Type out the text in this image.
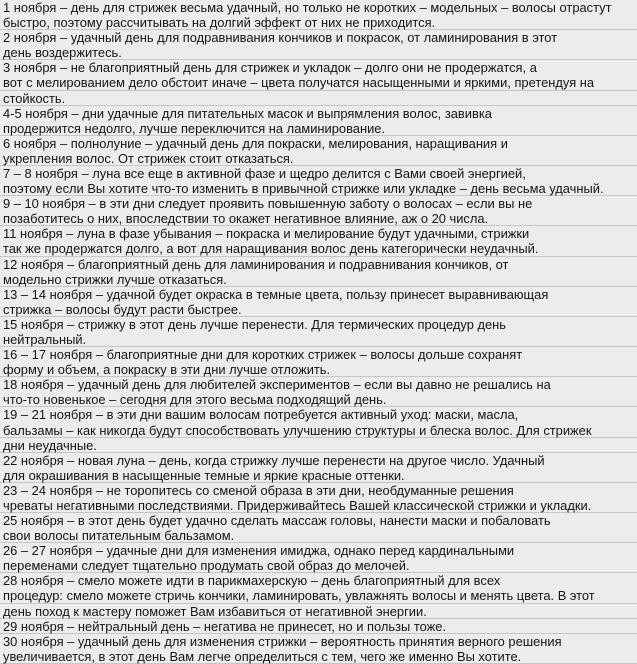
1 ноября – день для стрижек весьма удачный, но только не коротких – модельных – волосы отрастут
быстро, поэтому рассчитывать на долгий эффект от них не приходится.
2 ноября – удачный день для подравнивания кончиков и покрасок, от ламинирования в этот
день воздержитесь.
3 ноября – не благоприятный день для стрижек и укладок – долго они не продержатся, а
вот с мелированием дело обстоит иначе – цвета получатся насыщенными и яркими, претендуя на
стойкость.
4-5 ноября – дни удачные для питательных масок и выпрямления волос, завивка
продержится недолго, лучше переключится на ламинирование.
6 ноября – полнолуние – удачный день для покраски, мелирования, наращивания и
укрепления волос. От стрижек стоит отказаться.
7 – 8 ноября – луна все еще в активной фазе и щедро делится с Вами своей энергией,
поэтому если Вы хотите что-то изменить в привычной стрижке или укладке – день весьма удачный.
9 – 10 ноября – в эти дни следует проявить повышенную заботу о волосах – если вы не
позаботитесь о них, впоследствии то окажет негативное влияние, аж о 20 числа.
11 ноября – луна в фазе убывания – покраска и мелирование будут удачными, стрижки
так же продержатся долго, а вот для наращивания волос день категорически неудачный.
12 ноября – благоприятный день для ламинирования и подравнивания кончиков, от
модельно стрижки лучше отказаться.
13 – 14 ноября – удачной будет окраска в темные цвета, пользу принесет выравнивающая
стрижка – волосы будут расти быстрее.
15 ноября – стрижку в этот день лучше перенести. Для термических процедур день
нейтральный.
16 – 17 ноября – благоприятные дни для коротких стрижек – волосы дольше сохранят
форму и объем, а покраску в эти дни лучше отложить.
18 ноября – удачный день для любителей экспериментов – если вы давно не решались на
что-то новенькое – сегодня для этого весьма подходящий день.
19 – 21 ноября – в эти дни вашим волосам потребуется активный уход: маски, масла,
бальзамы – как никогда будут способствовать улучшению структуры и блеска волос. Для стрижек
дни неудачные.
22 ноября – новая луна – день, когда стрижку лучше перенести на другое число. Удачный
для окрашивания в насыщенные темные и яркие красные оттенки.
23 – 24 ноября – не торопитесь со сменой образа в эти дни, необдуманные решения
чреваты негативными последствиями. Придерживайтесь Вашей классической стрижки и укладки.
25 ноября – в этот день будет удачно сделать массаж головы, нанести маски и побаловать
свои волосы питательным бальзамом.
26 – 27 ноября – удачные дни для изменения имиджа, однако перед кардинальными
переменами следует тщательно продумать свой образ до мелочей.
28 ноября – смело можете идти в парикмахерскую – день благоприятный для всех
процедур: смело можете стричь кончики, ламинировать, увлажнять волосы и менять цвета. В этот
день поход к мастеру поможет Вам избавиться от негативной энергии.
29 ноября – нейтральный день – негатива не принесет, но и пользы тоже.
30 ноября – удачный день для изменения стрижки – вероятность принятия верного решения
увеличивается, в этот день Вам легче определиться с тем, чего же именно Вы хотите.
